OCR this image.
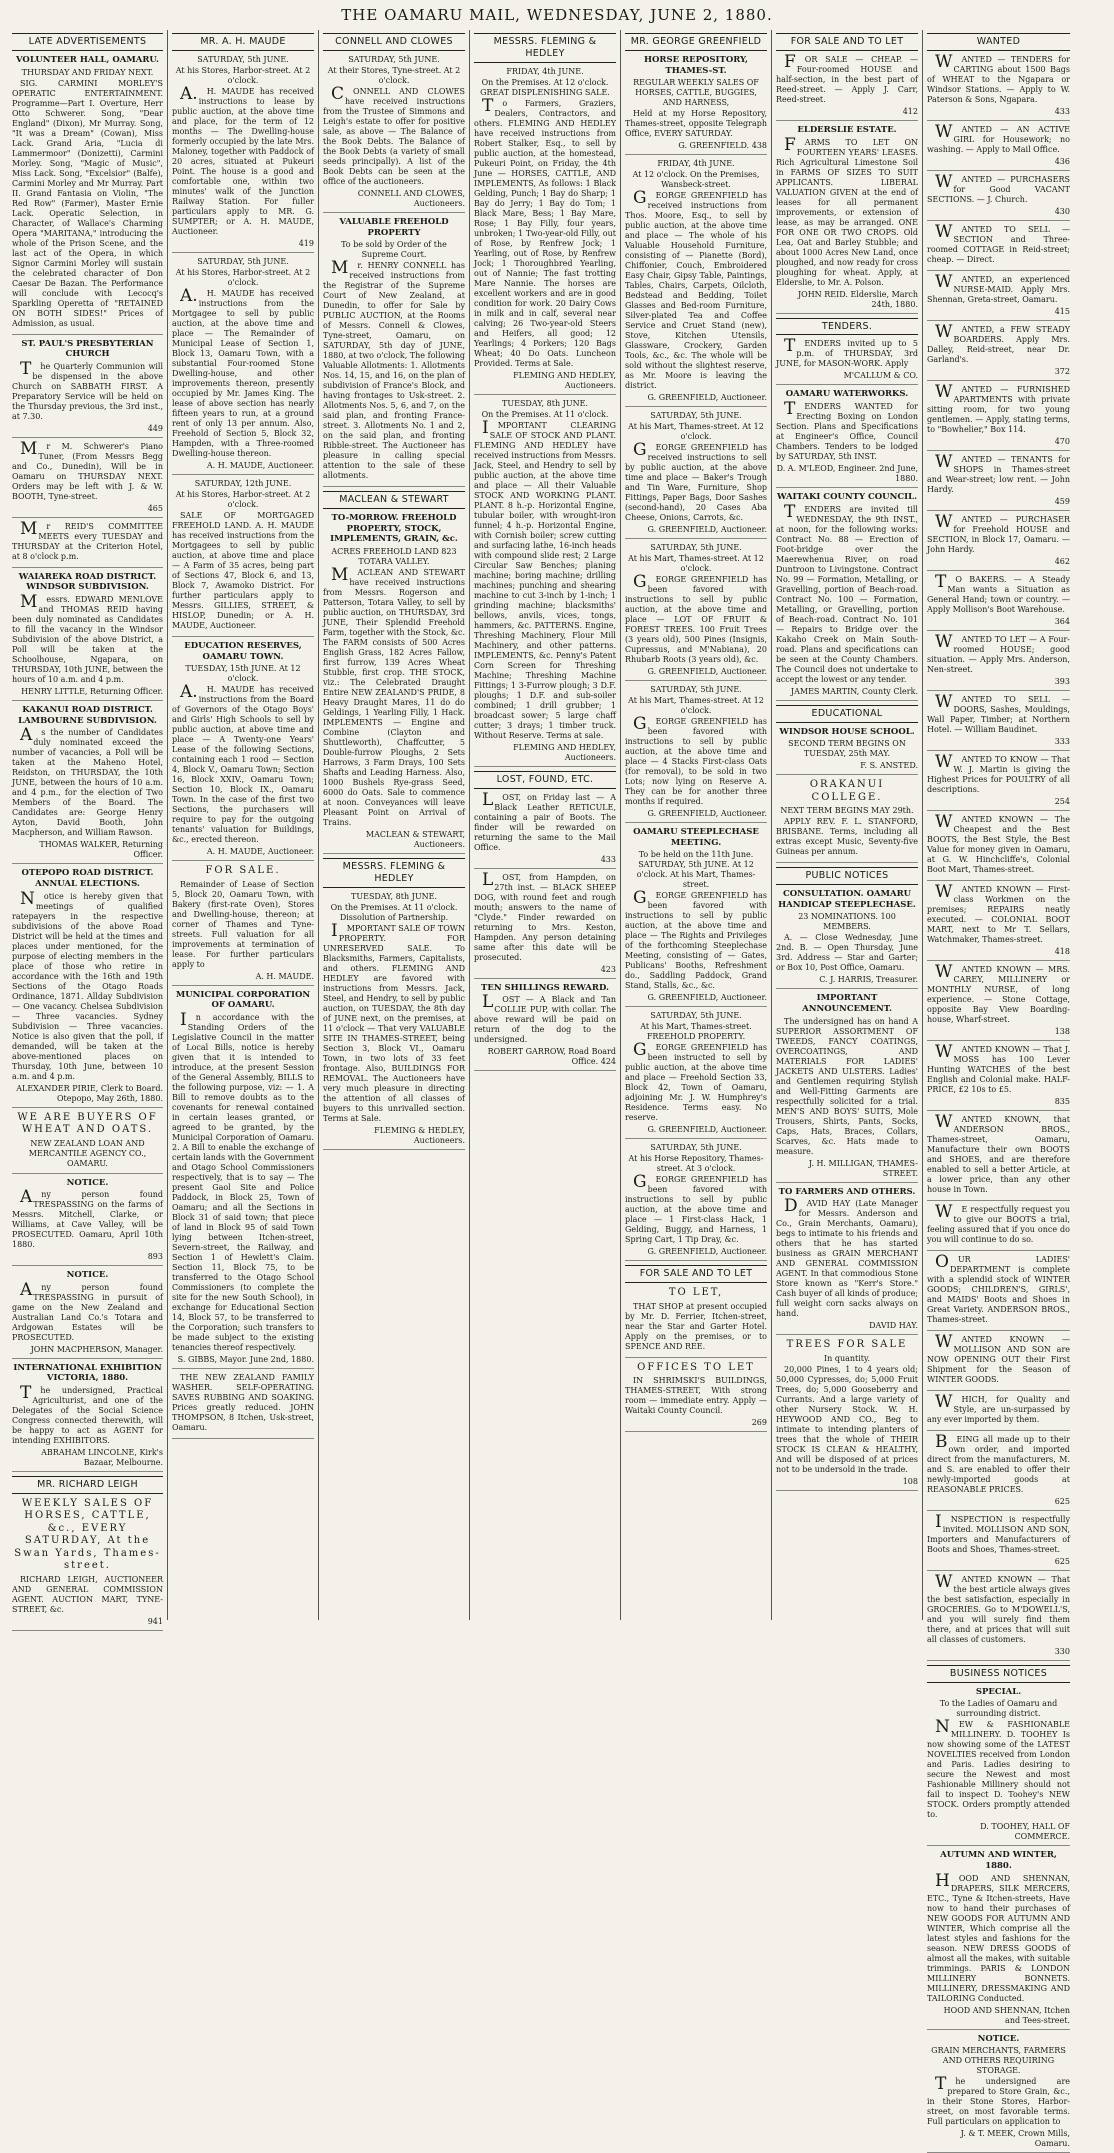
THE OAMARU MAIL, WEDNESDAY, JUNE 2, 1880.
LATE ADVERTISEMENTS
VOLUNTEER HALL, OAMARU.
THURSDAY AND FRIDAY NEXT.

SIG. CARMINI MORLEY'S OPERATIC ENTERTAINMENT. Programme—Part I. Overture, Herr Otto Schwerer. Song, "Dear England" (Dixon), Mr Murray. Song, "It was a Dream" (Cowan), Miss Lack. Grand Aria, "Lucia di Lammermoor" (Donizetti), Carmini Morley. Song, "Magic of Music", Miss Lack. Song, "Excelsior" (Balfe), Carmini Morley and Mr Murray. Part II. Grand Fantasia on Violin, "The Red Row" (Farmer), Master Ernie Lack. Operatic Selection, in Character, of Wallace's Charming Opera "MARITANA," introducing the whole of the Prison Scene, and the last act of the Opera, in which Signor Carmini Morley will sustain the celebrated character of Don Caesar De Bazan. The Performance will conclude with Lecocq's Sparkling Operetta of "RETAINED ON BOTH SIDES!" Prices of Admission, as usual.

ST. PAUL'S PRESBYTERIAN CHURCH

The Quarterly Communion will be dispensed in the above Church on SABBATH FIRST. A Preparatory Service will be held on the Thursday previous, the 3rd inst., at 7.30.

449

Mr M. Schwerer's Piano Tuner, (From Messrs Begg and Co., Dunedin), Will be in Oamaru on THURSDAY NEXT. Orders may be left with J. & W. BOOTH, Tyne-street.

465

Mr REID'S COMMITTEE MEETS every TUESDAY and THURSDAY at the Criterion Hotel, at 8 o'clock p.m.

WAIAREKA ROAD DISTRICT. WINDSOR SUBDIVISION.

Messrs. EDWARD MENLOVE and THOMAS REID having been duly nominated as Candidates to fill the vacancy in the Windsor Subdivision of the above District, a Poll will be taken at the Schoolhouse, Ngapara, on THURSDAY, 10th JUNE, between the hours of 10 a.m. and 4 p.m.

HENRY LITTLE, Returning Officer.
KAKANUI ROAD DISTRICT. LAMBOURNE SUBDIVISION.

As the number of Candidates duly nominated exceed the number of vacancies, a Poll will be taken at the Maheno Hotel, Reidston, on THURSDAY, the 10th JUNE, between the hours of 10 a.m. and 4 p.m., for the election of Two Members of the Board. The Candidates are: George Henry Ayton, David Booth, John Macpherson, and William Rawson.

THOMAS WALKER, Returning Officer.
OTEPOPO ROAD DISTRICT. ANNUAL ELECTIONS.

Notice is hereby given that meetings of qualified ratepayers in the respective subdivisions of the above Road District will be held at the times and places under mentioned, for the purpose of electing members in the place of those who retire in accordance with the 16th and 19th Sections of the Otago Roads Ordinance, 1871. Allday Subdivision — One vacancy. Chelsea Subdivision — Three vacancies. Sydney Subdivision — Three vacancies. Notice is also given that the poll, if demanded, will be taken at the above-mentioned places on Thursday, 10th June, between 10 a.m. and 4 p.m.

ALEXANDER PIRIE, Clerk to Board. Otepopo, May 26th, 1880.
WE ARE BUYERS OF WHEAT AND OATS.
NEW ZEALAND LOAN AND MERCANTILE AGENCY CO., OAMARU.
NOTICE.

Any person found TRESPASSING on the farms of Messrs. Mitchell, Clarke, or Williams, at Cave Valley, will be PROSECUTED. Oamaru, April 10th 1880.

893
NOTICE.

Any person found TRESPASSING in pursuit of game on the New Zealand and Australian Land Co.'s Totara and Ardgowan Estates will be PROSECUTED.

JOHN MACPHERSON, Manager.
INTERNATIONAL EXHIBITION VICTORIA, 1880.

The undersigned, Practical Agriculturist, and one of the Delegates of the Social Science Congress connected therewith, will be happy to act as AGENT for intending EXHIBITORS.

ABRAHAM LINCOLNE, Kirk's Bazaar, Melbourne.
MR. RICHARD LEIGH
WEEKLY SALES OF HORSES, CATTLE, &c., EVERY SATURDAY, At the Swan Yards, Thames-street.

RICHARD LEIGH, AUCTIONEER AND GENERAL COMMISSION AGENT. AUCTION MART, TYNE-STREET, &c.

941
MR. A. H. MAUDE
SATURDAY, 5th JUNE.
At his Stores, Harbor-street. At 2 o'clock.

A.H. MAUDE has received instructions to lease by public auction, at the above time and place, for the term of 12 months — The Dwelling-house formerly occupied by the late Mrs. Maloney, together with Paddock of 20 acres, situated at Pukeuri Point. The house is a good and comfortable one, within two minutes' walk of the Junction Railway Station. For fuller particulars apply to MR. G. SUMPTER; or A. H. MAUDE, Auctioneer.

419
SATURDAY, 5th JUNE.
At his Stores, Harbor-street. At 2 o'clock.

A.H. MAUDE has received instructions from the Mortgagee to sell by public auction, at the above time and place — The Remainder of Municipal Lease of Section 1, Block 13, Oamaru Town, with a substantial Four-roomed Stone Dwelling-house, and other improvements thereon, presently occupied by Mr. James King. The lease of above section has nearly fifteen years to run, at a ground rent of only 13 per annum. Also, Freehold of Section 5, Block 32, Hampden, with a Three-roomed Dwelling-house thereon.

A. H. MAUDE, Auctioneer.
SATURDAY, 12th JUNE.
At his Stores, Harbor-street. At 2 o'clock.

SALE OF MORTGAGED FREEHOLD LAND. A. H. MAUDE has received instructions from the Mortgagees to sell by public auction, at above time and place — A Farm of 35 acres, being part of Sections 47, Block 6, and 13, Block 7, Awamoko District. For further particulars apply to Messrs. GILLIES, STREET, & HISLOP, Dunedin; or A. H. MAUDE, Auctioneer.

EDUCATION RESERVES, OAMARU TOWN.
TUESDAY, 15th JUNE. At 12 o'clock.

A.H. MAUDE has received instructions from the Board of Governors of the Otago Boys' and Girls' High Schools to sell by public auction, at above time and place — A Twenty-one Years' Lease of the following Sections, containing each 1 rood — Section 4, Block V., Oamaru Town; Section 16, Block XXIV., Oamaru Town; Section 10, Block IX., Oamaru Town. In the case of the first two Sections, the purchasers will require to pay for the outgoing tenants' valuation for Buildings, &c., erected thereon.

A. H. MAUDE, Auctioneer.
FOR SALE.

Remainder of Lease of Section 5, Block 20, Oamaru Town, with Bakery (first-rate Oven), Stores and Dwelling-house, thereon; at corner of Thames and Tyne-streets. Full valuation for all improvements at termination of lease. For further particulars apply to

A. H. MAUDE.
MUNICIPAL CORPORATION OF OAMARU.

In accordance with the Standing Orders of the Legislative Council in the matter of Local Bills, notice is hereby given that it is intended to introduce, at the present Session of the General Assembly, BILLS to the following purpose, viz: — 1. A Bill to remove doubts as to the covenants for renewal contained in certain leases granted, or agreed to be granted, by the Municipal Corporation of Oamaru. 2. A Bill to enable the exchange of certain lands with the Government and Otago School Commissioners respectively, that is to say — The present Gaol Site and Police Paddock, in Block 25, Town of Oamaru; and all the Sections in Block 31 of said town; that piece of land in Block 95 of said Town lying between Itchen-street, Severn-street, the Railway, and Section 1 of Hewlett's Claim. Section 11, Block 75, to be transferred to the Otago School Commissioners (to complete the site for the new South School), in exchange for Educational Section 14, Block 57, to be transferred to the Corporation; such transfers to be made subject to the existing tenancies thereof respectively.

S. GIBBS, Mayor. June 2nd, 1880.

THE NEW ZEALAND FAMILY WASHER. SELF-OPERATING. SAVES RUBBING AND SOAKING. Prices greatly reduced. JOHN THOMPSON, 8 Itchen, Usk-street, Oamaru.

CONNELL AND CLOWES
SATURDAY, 5th JUNE.
At their Stores, Tyne-street. At 2 o'clock.

CONNELL AND CLOWES have received instructions from the Trustee of Simmons and Leigh's estate to offer for positive sale, as above — The Balance of the Book Debts. The Balance of the Book Debts (a variety of small seeds principally). A list of the Book Debts can be seen at the office of the auctioneers.

CONNELL AND CLOWES, Auctioneers.
VALUABLE FREEHOLD PROPERTY
To be sold by Order of the Supreme Court.

Mr. HENRY CONNELL has received instructions from the Registrar of the Supreme Court of New Zealand, at Dunedin, to offer for Sale by PUBLIC AUCTION, at the Rooms of Messrs. Connell & Clowes, Tyne-street, Oamaru, on SATURDAY, 5th day of JUNE, 1880, at two o'clock, The following Valuable Allotments: 1. Allotments Nos. 14, 15, and 16, on the plan of subdivision of France's Block, and having frontages to Usk-street. 2. Allotments Nos. 5, 6, and 7, on the said plan, and fronting France-street. 3. Allotments No. 1 and 2, on the said plan, and fronting Ribble-street. The Auctioneer has pleasure in calling special attention to the sale of these allotments.

MACLEAN & STEWART
TO-MORROW. FREEHOLD PROPERTY, STOCK, IMPLEMENTS, GRAIN, &c.
ACRES FREEHOLD LAND 823 TOTARA VALLEY.

MACLEAN AND STEWART have received instructions from Messrs. Rogerson and Patterson, Totara Valley, to sell by public auction, on THURSDAY, 3rd JUNE, Their Splendid Freehold Farm, together with the Stock, &c. The FARM consists of 500 Acres English Grass, 182 Acres Fallow, first furrow, 139 Acres Wheat Stubble, first crop. THE STOCK, viz.: The Celebrated Draught Entire NEW ZEALAND'S PRIDE, 8 Heavy Draught Mares, 11 do do Geldings, 1 Yearling Filly, 1 Hack. IMPLEMENTS — Engine and Combine (Clayton and Shuttleworth), Chaffcutter, 5 Double-furrow Ploughs, 2 Sets Harrows, 3 Farm Drays, 100 Sets Shafts and Leading Harness. Also, 1000 Bushels Rye-grass Seed, 6000 do Oats. Sale to commence at noon. Conveyances will leave Pleasant Point on Arrival of Trains.

MACLEAN & STEWART, Auctioneers.
MESSRS. FLEMING & HEDLEY
TUESDAY, 8th JUNE.
On the Premises. At 11 o'clock. Dissolution of Partnership.

IMPORTANT SALE OF TOWN PROPERTY. FOR UNRESERVED SALE. To Blacksmiths, Farmers, Capitalists, and others. FLEMING AND HEDLEY are favored with instructions from Messrs. Jack, Steel, and Hendry, to sell by public auction, on TUESDAY, the 8th day of JUNE next, on the premises, at 11 o'clock — That very VALUABLE SITE IN THAMES-STREET, being Section 3, Block VI., Oamaru Town, in two lots of 33 feet frontage. Also, BUILDINGS FOR REMOVAL. The Auctioneers have very much pleasure in directing the attention of all classes of buyers to this unrivalled section. Terms at Sale.

FLEMING & HEDLEY, Auctioneers.
MESSRS. FLEMING & HEDLEY
FRIDAY, 4th JUNE.
On the Premises. At 12 o'clock. GREAT DISPLENISHING SALE.

To Farmers, Graziers, Dealers, Contractors, and others. FLEMING AND HEDLEY have received instructions from Robert Stalker, Esq., to sell by public auction, at the homestead, Pukeuri Point, on Friday, the 4th June — HORSES, CATTLE, AND IMPLEMENTS, As follows: 1 Black Gelding, Punch; 1 Bay do Sharp; 1 Bay do Jerry; 1 Bay do Tom; 1 Black Mare, Bess; 1 Bay Mare, Rose; 1 Bay Filly, four years, unbroken; 1 Two-year-old Filly, out of Rose, by Renfrew Jock; 1 Yearling, out of Rose, by Renfrew Jock; 1 Thoroughbred Yearling, out of Nannie; The fast trotting Mare Nannie. The horses are excellent workers and are in good condition for work. 20 Dairy Cows in milk and in calf, several near calving; 26 Two-year-old Steers and Heifers, all good; 12 Yearlings; 4 Porkers; 120 Bags Wheat; 40 Do Oats. Luncheon Provided. Terms at Sale.

FLEMING AND HEDLEY, Auctioneers.
TUESDAY, 8th JUNE.
On the Premises. At 11 o'clock.

IMPORTANT CLEARING SALE OF STOCK AND PLANT. FLEMING AND HEDLEY have received instructions from Messrs. Jack, Steel, and Hendry to sell by public auction, at the above time and place — All their Valuable STOCK AND WORKING PLANT. PLANT. 8 h.-p. Horizontal Engine, tubular boiler, with wrought-iron funnel; 4 h.-p. Horizontal Engine, with Cornish boiler; screw cutting and surfacing lathe, 16-inch heads with compound slide rest; 2 Large Circular Saw Benches; planing machine; boring machine; drilling machines; punching and shearing machine to cut 3-inch by 1-inch; 1 grinding machine; blacksmiths' bellows, anvils, vices, tongs, hammers, &c. PATTERNS. Engine, Threshing Machinery, Flour Mill Machinery, and other patterns. IMPLEMENTS, &c. Penny's Patent Corn Screen for Threshing Machine; Threshing Machine Fittings; 1 3-Furrow plough; 3 D.F. ploughs; 1 D.F. and sub-soiler combined; 1 drill grubber; 1 broadcast sower; 5 large chaff cutter; 3 drays; 1 timber truck. Without Reserve. Terms at sale.

FLEMING AND HEDLEY, Auctioneers.
LOST, FOUND, ETC.

LOST, on Friday last — A Black Leather RETICULE, containing a pair of Boots. The finder will be rewarded on returning the same to the Mail Office.

433

LOST, from Hampden, on 27th inst. — BLACK SHEEP DOG, with round feet and rough mouth; answers to the name of "Clyde." Finder rewarded on returning to Mrs. Keston, Hampden. Any person detaining same after this date will be prosecuted.

423
TEN SHILLINGS REWARD.

LOST — A Black and Tan COLLIE PUP, with collar. The above reward will be paid on return of the dog to the undersigned.

ROBERT GARROW, Road Board Office. 424
MR. GEORGE GREENFIELD
HORSE REPOSITORY, THAMES-ST.
REGULAR WEEKLY SALES OF HORSES, CATTLE, BUGGIES, AND HARNESS,

Held at my Horse Repository, Thames-street, opposite Telegraph Office, EVERY SATURDAY.

G. GREENFIELD. 438
FRIDAY, 4th JUNE.
At 12 o'clock. On the Premises, Wansbeck-street.

GEORGE GREENFIELD has received instructions from Thos. Moore, Esq., to sell by public auction, at the above time and place — The whole of his Valuable Household Furniture, consisting of — Pianette (Bord), Chiffonier, Couch, Embroidered Easy Chair, Gipsy Table, Paintings, Tables, Chairs, Carpets, Oilcloth, Bedstead and Bedding, Toilet Glasses and Bed-room Furniture, Silver-plated Tea and Coffee Service and Cruet Stand (new), Stove, Kitchen Utensils, Glassware, Crockery, Garden Tools, &c., &c. The whole will be sold without the slightest reserve, as Mr. Moore is leaving the district.

G. GREENFIELD, Auctioneer.
SATURDAY, 5th JUNE.
At his Mart, Thames-street. At 12 o'clock.

GEORGE GREENFIELD has received instructions to sell by public auction, at the above time and place — Baker's Trough and Tin Ware, Furniture, Shop Fittings, Paper Bags, Door Sashes (second-hand), 20 Cases Aba Cheese, Onions, Carrots, &c.

G. GREENFIELD, Auctioneer.
SATURDAY, 5th JUNE.
At his Mart, Thames-street. At 12 o'clock.

GEORGE GREENFIELD has been favored with instructions to sell by public auction, at the above time and place — LOT OF FRUIT & FOREST TREES. 100 Fruit Trees (3 years old), 500 Pines (Insignis, Cupressus, and M'Nabiana), 20 Rhubarb Roots (3 years old), &c.

G. GREENFIELD, Auctioneer.
SATURDAY, 5th JUNE.
At his Mart, Thames-street. At 12 o'clock.

GEORGE GREENFIELD has been favored with instructions to sell by public auction, at the above time and place — 4 Stacks First-class Oats (for removal), to be sold in two Lots; now lying on Reserve A. They can be for another three months if required.

G. GREENFIELD, Auctioneer.
OAMARU STEEPLECHASE MEETING.
To be held on the 11th June. SATURDAY, 5th JUNE. At 12 o'clock. At his Mart, Thames-street.

GEORGE GREENFIELD has been favored with instructions to sell by public auction, at the above time and place — The Rights and Privileges of the forthcoming Steeplechase Meeting, consisting of — Gates, Publicans' Booths, Refreshment do., Saddling Paddock, Grand Stand, Stalls, &c., &c.

G. GREENFIELD, Auctioneer.
SATURDAY, 5th JUNE.
At his Mart, Thames-street. FREEHOLD PROPERTY.

GEORGE GREENFIELD has been instructed to sell by public auction, at the above time and place — Freehold Section 33, Block 42, Town of Oamaru, adjoining Mr. J. W. Humphrey's Residence. Terms easy. No reserve.

G. GREENFIELD, Auctioneer.
SATURDAY, 5th JUNE.
At his Horse Repository, Thames-street. At 3 o'clock.

GEORGE GREENFIELD has been favored with instructions to sell by public auction, at the above time and place — 1 First-class Hack, 1 Gelding, Buggy, and Harness, 1 Spring Cart, 1 Tip Dray, &c.

G. GREENFIELD, Auctioneer.
FOR SALE AND TO LET
TO LET,

THAT SHOP at present occupied by Mr. D. Ferrier, Itchen-street, near the Star and Garter Hotel. Apply on the premises, or to SPENCE AND REE.

OFFICES TO LET

IN SHRIMSKI'S BUILDINGS, THAMES-STREET, With strong room — immediate entry. Apply — Waitaki County Council.

269
FOR SALE AND TO LET

FOR SALE — CHEAP. — Four-roomed HOUSE and half-section, in the best part of Reed-street. — Apply J. Carr, Reed-street.

412
ELDERSLIE ESTATE.

FARMS TO LET ON FOURTEEN YEARS' LEASES. Rich Agricultural Limestone Soil in FARMS OF SIZES TO SUIT APPLICANTS. LIBERAL VALUATION GIVEN at the end of leases for all permanent improvements, or extension of lease, as may be arranged. ONE FOR ONE OR TWO CROPS. Old Lea, Oat and Barley Stubble; and about 1000 Acres New Land, once ploughed, and now ready for cross ploughing for wheat. Apply, at Elderslie, to Mr. A. Polson.

JOHN REID. Elderslie, March 24th, 1880.
TENDERS.

TENDERS invited up to 5 p.m. of THURSDAY, 3rd JUNE, for MASON-WORK. Apply

M'CALLUM & CO.
OAMARU WATERWORKS.

TENDERS WANTED for Erecting Boxing on London Section. Plans and Specifications at Engineer's Office, Council Chambers. Tenders to be lodged by SATURDAY, 5th INST.

D. A. M'LEOD, Engineer. 2nd June, 1880.
WAITAKI COUNTY COUNCIL.

TENDERS are invited till WEDNESDAY, the 9th INST., at noon, for the following works: Contract No. 88 — Erection of Foot-bridge over the Maerewhenua River, on road Duntroon to Livingstone. Contract No. 99 — Formation, Metalling, or Gravelling, portion of Beach-road. Contract No. 100 — Formation, Metalling, or Gravelling, portion of Beach-road. Contract No. 101 — Repairs to Bridge over the Kakaho Creek on Main South-road. Plans and specifications can be seen at the County Chambers. The Council does not undertake to accept the lowest or any tender.

JAMES MARTIN, County Clerk.
EDUCATIONAL
WINDSOR HOUSE SCHOOL.
SECOND TERM BEGINS ON TUESDAY, 25th MAY.
F. S. ANSTED.
ORAKANUI COLLEGE.
NEXT TERM BEGINS MAY 29th.

APPLY REV. F. L. STANFORD, BRISBANE. Terms, including all extras except Music, Seventy-five Guineas per annum.

PUBLIC NOTICES
CONSULTATION. OAMARU HANDICAP STEEPLECHASE.
23 NOMINATIONS. 100 MEMBERS.

A. — Close Wednesday, June 2nd. B. — Open Thursday, June 3rd. Address — Star and Garter; or Box 10, Post Office, Oamaru.

C. J. HARRIS, Treasurer.
IMPORTANT ANNOUNCEMENT.

The undersigned has on hand A SUPERIOR ASSORTMENT OF TWEEDS, FANCY COATINGS, OVERCOATINGS, AND MATERIALS FOR LADIES' JACKETS AND ULSTERS. Ladies' and Gentlemen requiring Stylish and Well-Fitting Garments are respectfully solicited for a trial. MEN'S AND BOYS' SUITS, Mole Trousers, Shirts, Pants, Socks, Caps, Hats, Braces, Collars, Scarves, &c. Hats made to measure.

J. H. MILLIGAN, THAMES-STREET.
TO FARMERS AND OTHERS.

DAVID HAY (Late Manager for Messrs. Anderson and Co., Grain Merchants, Oamaru), begs to intimate to his friends and others that he has started business as GRAIN MERCHANT AND GENERAL COMMISSION AGENT. In that commodious Stone Store known as "Kerr's Store." Cash buyer of all kinds of produce; full weight corn sacks always on hand.

DAVID HAY.
TREES FOR SALE
In quantity.

20,000 Pines, 1 to 4 years old; 50,000 Cypresses, do; 5,000 Fruit Trees, do; 5,000 Gooseberry and Currants. And a large variety of other Nursery Stock. W. H. HEYWOOD AND CO., Beg to intimate to intending planters of trees that the whole of THEIR STOCK IS CLEAN & HEALTHY, And will be disposed of at prices not to be undersold in the trade.

108
WANTED

WANTED — TENDERS for CARTING about 1500 Bags of WHEAT to the Ngapara or Windsor Stations. — Apply to W. Paterson & Sons, Ngapara.

433

WANTED — AN ACTIVE GIRL for Housework; no washing. — Apply to Mail Office.

436

WANTED — PURCHASERS for Good VACANT SECTIONS. — J. Church.

430

WANTED TO SELL — SECTION and Three-roomed COTTAGE in Reid-street; cheap. — Direct.

WANTED, an experienced NURSE-MAID. Apply Mrs. Shennan, Greta-street, Oamaru.

415

WANTED, a FEW STEADY BOARDERS. Apply Mrs. Dalley, Reid-street, near Dr. Garland's.

372

WANTED — FURNISHED APARTMENTS with private sitting room, for two young gentlemen. — Apply, stating terms, to "Bowhelier," Box 114.

470

WANTED — TENANTS for SHOPS in Thames-street and Wear-street; low rent. — John Hardy.

459

WANTED — PURCHASER for Freehold HOUSE and SECTION, in Block 17, Oamaru. — John Hardy.

462

TO BAKERS. — A Steady Man wants a Situation as General Hand; town or country. — Apply Mollison's Boot Warehouse.

364

WANTED TO LET — A Four-roomed HOUSE; good situation. — Apply Mrs. Anderson, Nen-street.

393

WANTED TO SELL — DOORS, Sashes, Mouldings, Wall Paper, Timber; at Northern Hotel. — William Baudinet.

333

WANTED TO KNOW — That W. J. Martin is giving the Highest Prices for POULTRY of all descriptions.

254

WANTED KNOWN — The Cheapest and the Best BOOTS, the Best Style, the Best Value for money given in Oamaru, at G. W. Hinchcliffe's, Colonial Boot Mart, Thames-street.

WANTED KNOWN — First-class Workmen on the premises; REPAIRS neatly executed. — COLONIAL BOOT MART, next to Mr T. Sellars, Watchmaker, Thames-street.

418

WANTED KNOWN — MRS. CAREY, MILLINERY or MONTHLY NURSE, of long experience. — Stone Cottage, opposite Bay View Boarding-house, Wharf-street.

138

WANTED KNOWN — That J. MOSS has 100 Lever Hunting WATCHES of the best English and Colonial make. HALF-PRICE, £2 10s to £5.

835

WANTED KNOWN, that ANDERSON BROS., Thames-street, Oamaru, Manufacture their own BOOTS and SHOES, and are therefore enabled to sell a better Article, at a lower price, than any other house in Town.

WE respectfully request you to give our BOOTS a trial, feeling assured that if you once do you will continue to do so.

OUR LADIES' DEPARTMENT is complete with a splendid stock of WINTER GOODS; CHILDREN'S, GIRLS', and MAIDS' Boots and Shoes in Great Variety. ANDERSON BROS., Thames-street.

WANTED KNOWN — MOLLISON AND SON are NOW OPENING OUT their First Shipment for the Season of WINTER GOODS.

WHICH, for Quality and Style, are un-surpassed by any ever imported by them.

BEING all made up to their own order, and imported direct from the manufacturers, M. and S. are enabled to offer their newly-imported goods at REASONABLE PRICES.

625

INSPECTION is respectfully invited. MOLLISON AND SON, Importers and Manufacturers of Boots and Shoes, Thames-street.

625

WANTED KNOWN — That the best article always gives the best satisfaction, especially in GROCERIES. Go to M'DOWELL'S, and you will surely find them there, and at prices that will suit all classes of customers.

330
BUSINESS NOTICES
SPECIAL.
To the Ladies of Oamaru and surrounding district.

NEW & FASHIONABLE MILLINERY. D. TOOHEY Is now showing some of the LATEST NOVELTIES received from London and Paris. Ladies desiring to secure the Newest and most Fashionable Millinery should not fail to inspect D. Toohey's NEW STOCK. Orders promptly attended to.

D. TOOHEY, HALL OF COMMERCE.
AUTUMN AND WINTER, 1880.

HOOD AND SHENNAN, DRAPERS, SILK MERCERS, ETC., Tyne & Itchen-streets, Have now to hand their purchases of NEW GOODS FOR AUTUMN AND WINTER, Which comprise all the latest styles and fashions for the season. NEW DRESS GOODS of almost all the makes, with suitable trimmings. PARIS & LONDON MILLINERY BONNETS. MILLINERY, DRESSMAKING AND TAILORING Conducted.

HOOD AND SHENNAN, Itchen and Tees-street.
NOTICE.
GRAIN MERCHANTS, FARMERS AND OTHERS REQUIRING STORAGE.

The undersigned are prepared to Store Grain, &c., in their Stone Stores, Harbor-street, on most favorable terms. Full particulars on application to

J. & T. MEEK, Crown Mills, Oamaru.
